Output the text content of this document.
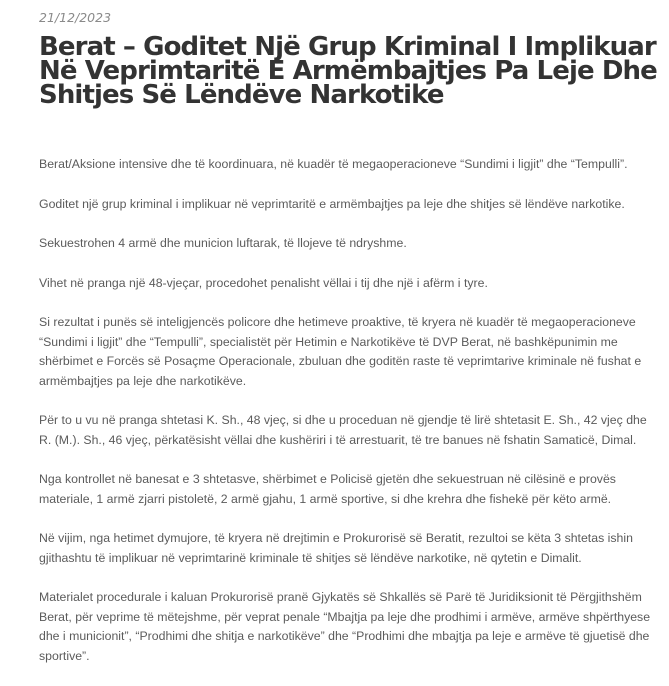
21/12/2023
Berat – Goditet Një Grup Kriminal I Implikuar Në Veprimtaritë E Armëmbajtjes Pa Leje Dhe Shitjes Së Lëndëve Narkotike

Berat/Aksione intensive dhe të koordinuara, në kuadër të megaoperacioneve “Sundimi i ligjit” dhe “Tempulli”.

Goditet një grup kriminal i implikuar në veprimtaritë e armëmbajtjes pa leje dhe shitjes së lëndëve narkotike.

Sekuestrohen 4 armë dhe municion luftarak, të llojeve të ndryshme.

Vihet në pranga një 48-vjeçar, procedohet penalisht vëllai i tij dhe një i afërm i tyre.

Si rezultat i punës së inteligjencës policore dhe hetimeve proaktive, të kryera në kuadër të megaoperacioneve “Sundimi i ligjit” dhe “Tempulli”, specialistët për Hetimin e Narkotikëve të DVP Berat, në bashkëpunimin me shërbimet e Forcës së Posaçme Operacionale, zbuluan dhe goditën raste të veprimtarive kriminale në fushat e armëmbajtjes pa leje dhe narkotikëve.

Për to u vu në pranga shtetasi K. Sh., 48 vjeç, si dhe u proceduan në gjendje të lirë shtetasit E. Sh., 42 vjeç dhe R. (M.). Sh., 46 vjeç, përkatësisht vëllai dhe kushëriri i të arrestuarit, të tre banues në fshatin Samaticë, Dimal.

Nga kontrollet në banesat e 3 shtetasve, shërbimet e Policisë gjetën dhe sekuestruan në cilësinë e provës materiale, 1 armë zjarri pistoletë, 2 armë gjahu, 1 armë sportive, si dhe krehra dhe fishekë për këto armë.

Në vijim, nga hetimet dymujore, të kryera në drejtimin e Prokurorisë së Beratit, rezultoi se këta 3 shtetas ishin gjithashtu të implikuar në veprimtarinë kriminale të shitjes së lëndëve narkotike, në qytetin e Dimalit.

Materialet procedurale i kaluan Prokurorisë pranë Gjykatës së Shkallës së Parë të Juridiksionit të Përgjithshëm Berat, për veprime të mëtejshme, për veprat penale “Mbajtja pa leje dhe prodhimi i armëve, armëve shpërthyese dhe i municionit”, “Prodhimi dhe shitja e narkotikëve” dhe “Prodhimi dhe mbajtja pa leje e armëve të gjuetisë dhe sportive”.
